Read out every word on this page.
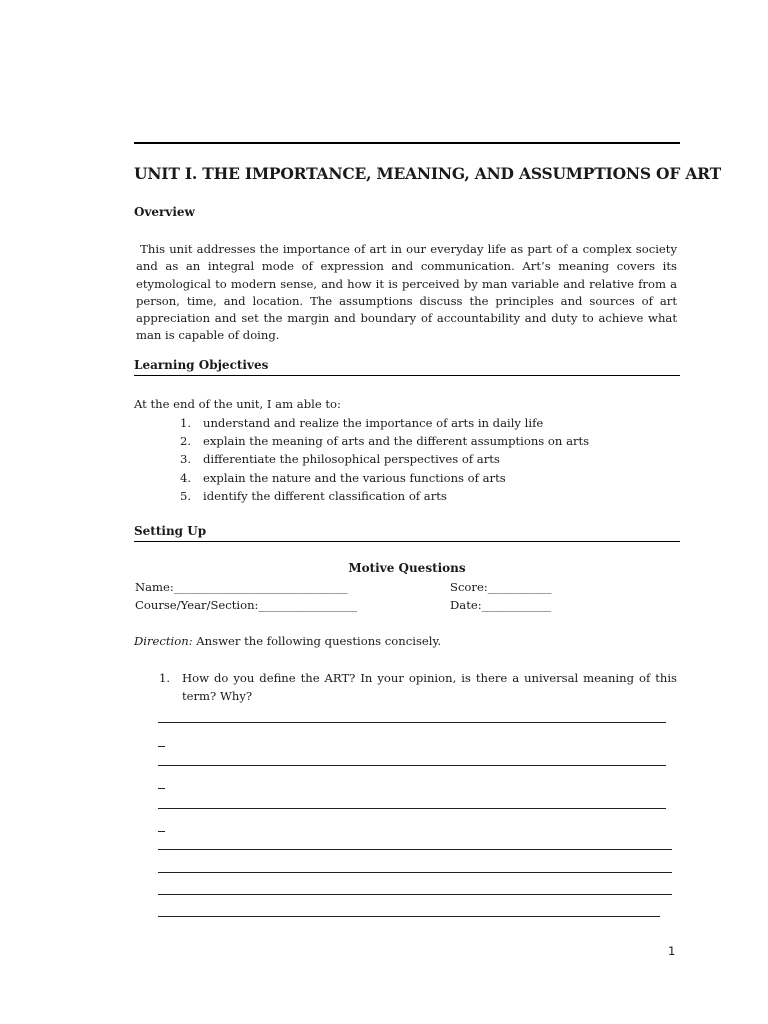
UNIT I. THE IMPORTANCE, MEANING, AND ASSUMPTIONS OF ART
Overview
This unit addresses the importance of art in our everyday life as part of a complex society
and as an integral mode of expression and communication. Art’s meaning covers its
etymological to modern sense, and how it is perceived by man variable and relative from a
person, time, and location. The assumptions discuss the principles and sources of art
appreciation and set the margin and boundary of accountability and duty to achieve what
man is capable of doing.
Learning Objectives
At the end of the unit, I am able to:
1. understand and realize the importance of arts in daily life
2. explain the meaning of arts and the different assumptions on arts
3. differentiate the philosophical perspectives of arts
4. explain the nature and the various functions of arts
5. identify the different classification of arts
Setting Up
Motive Questions
Name:______________________________	Score:___________
Course/Year/Section:_________________	Date:____________
Direction: Answer the following questions concisely.
1. How do you define the ART? In your opinion, is there a universal meaning of this
term? Why?
1
